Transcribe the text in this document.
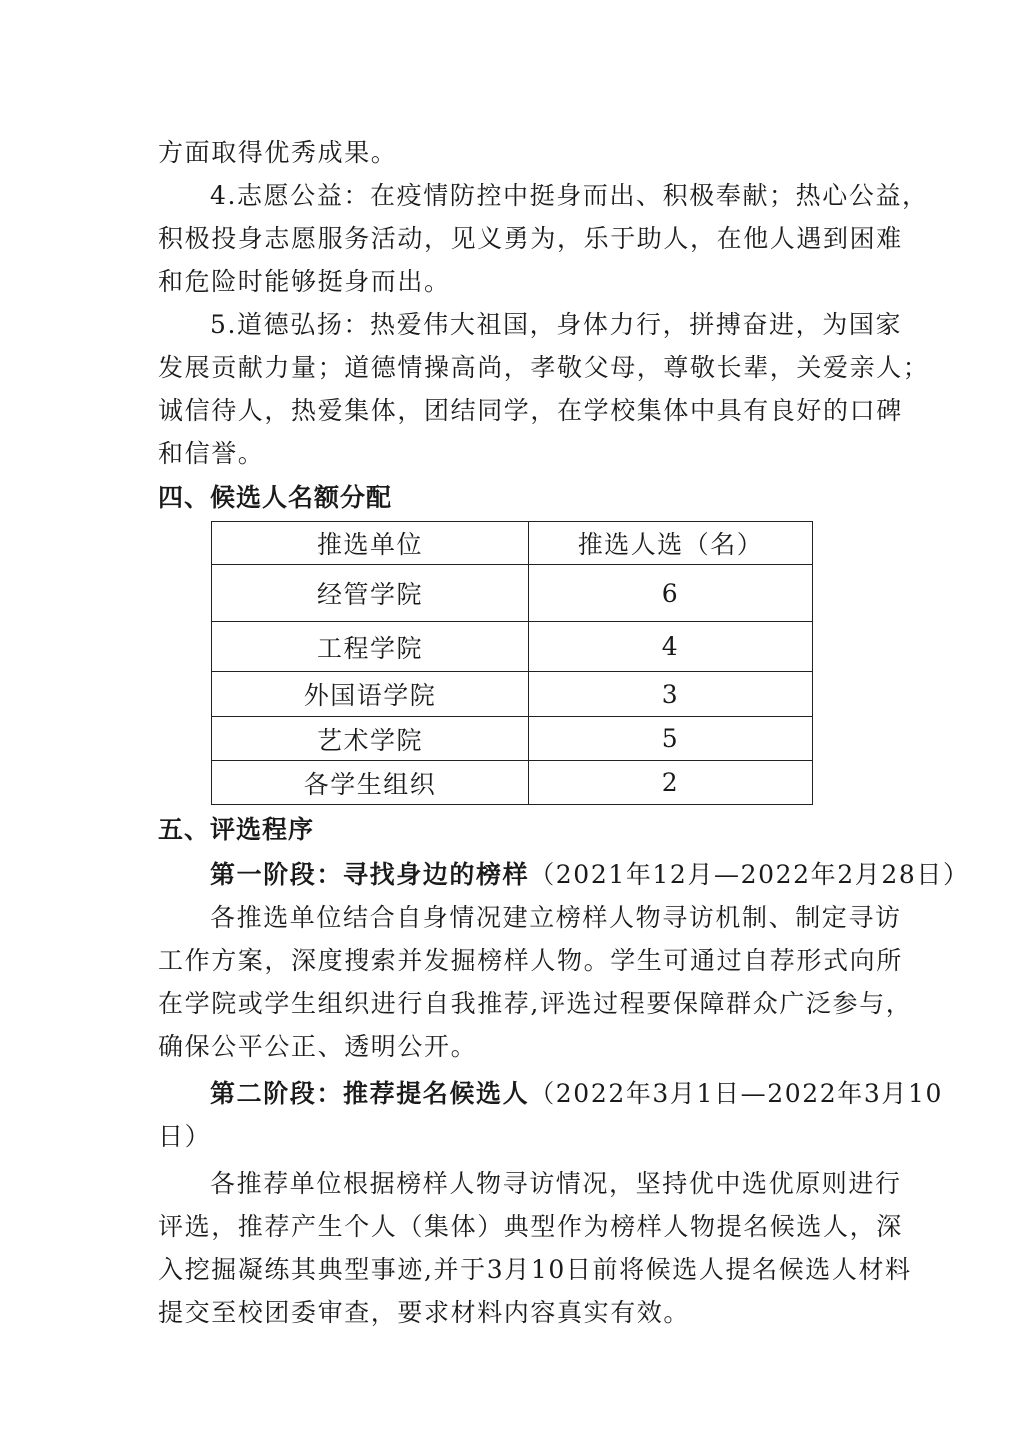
方面取得优秀成果。
4.志愿公益：在疫情防控中挺身而出、积极奉献；热心公益，
积极投身志愿服务活动，见义勇为，乐于助人，在他人遇到困难
和危险时能够挺身而出。
5.道德弘扬：热爱伟大祖国，身体力行，拼搏奋进，为国家
发展贡献力量；道德情操高尚，孝敬父母，尊敬长辈，关爱亲人；
诚信待人，热爱集体，团结同学，在学校集体中具有良好的口碑
和信誉。
四、候选人名额分配
推选单位	推选人选（名）
经管学院	6
工程学院	4
外国语学院	3
艺术学院	5
各学生组织	2
五、评选程序
第一阶段：寻找身边的榜样（2021年12月—2022年2月28日）
各推选单位结合自身情况建立榜样人物寻访机制、制定寻访
工作方案，深度搜索并发掘榜样人物。学生可通过自荐形式向所
在学院或学生组织进行自我推荐,评选过程要保障群众广泛参与，
确保公平公正、透明公开。
第二阶段：推荐提名候选人（2022年3月1日—2022年3月10
日）
各推荐单位根据榜样人物寻访情况，坚持优中选优原则进行
评选，推荐产生个人（集体）典型作为榜样人物提名候选人，深
入挖掘凝练其典型事迹,并于3月10日前将候选人提名候选人材料
提交至校团委审查，要求材料内容真实有效。
